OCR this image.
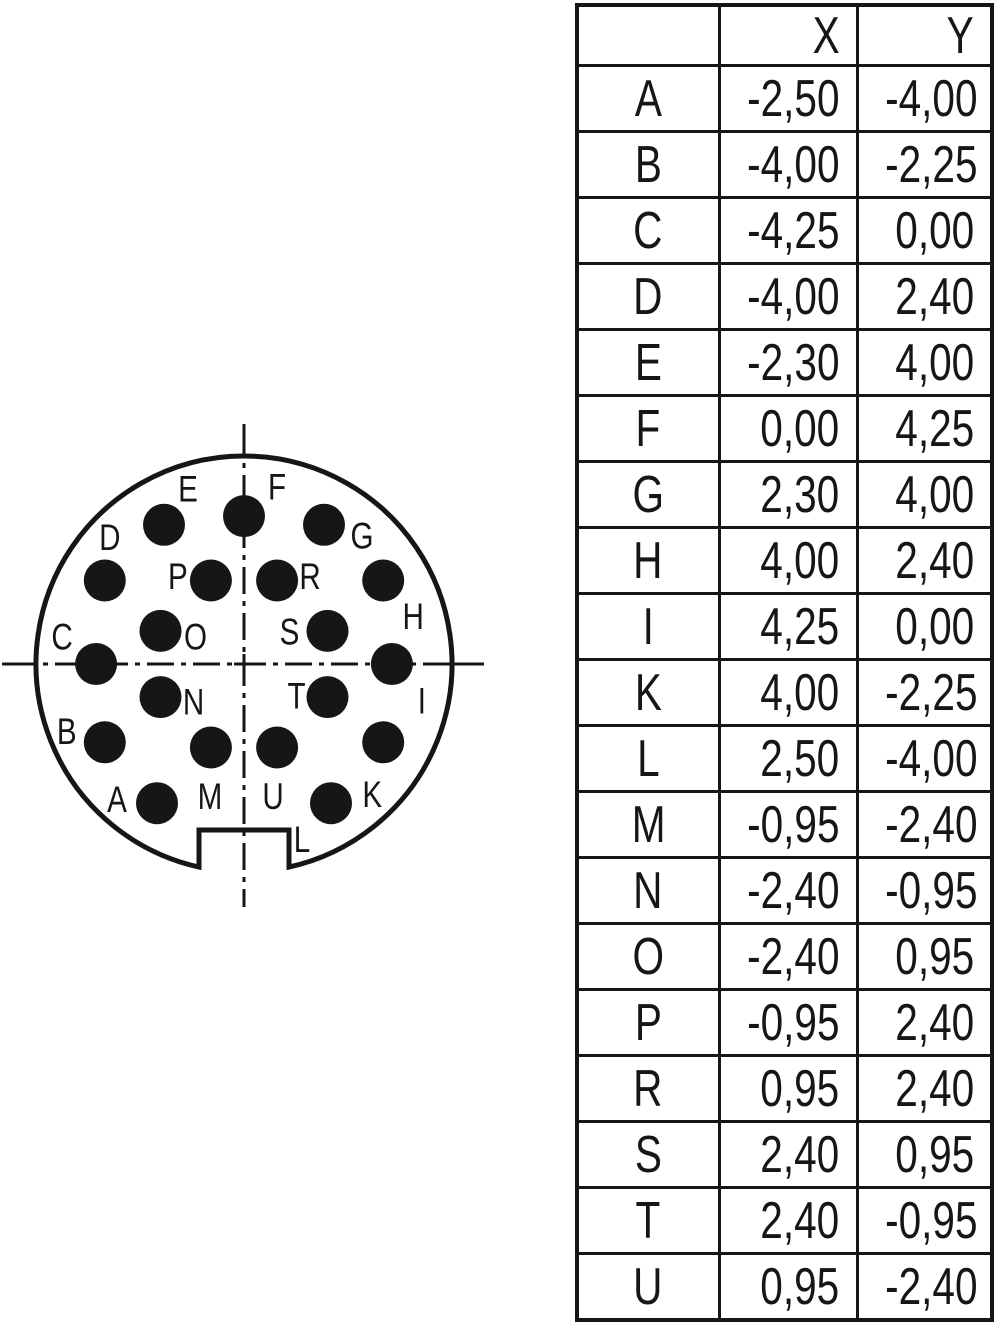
A
B
C
D
E F
G
H
I
K
L
M
N
O
P	R
S
T
U
	X	Y
A	-2,50	-4,00
B	-4,00	-2,25
C	-4,25	0,00
D	-4,00	2,40
E	-2,30	4,00
F	0,00	4,25
G	2,30	4,00
H	4,00	2,40
I	4,25	0,00
K	4,00	-2,25
L	2,50	-4,00
M	-0,95	-2,40
N	-2,40	-0,95
O	-2,40	0,95
P	-0,95	2,40
R	0,95	2,40
S	2,40	0,95
T	2,40	-0,95
U	0,95	-2,40
